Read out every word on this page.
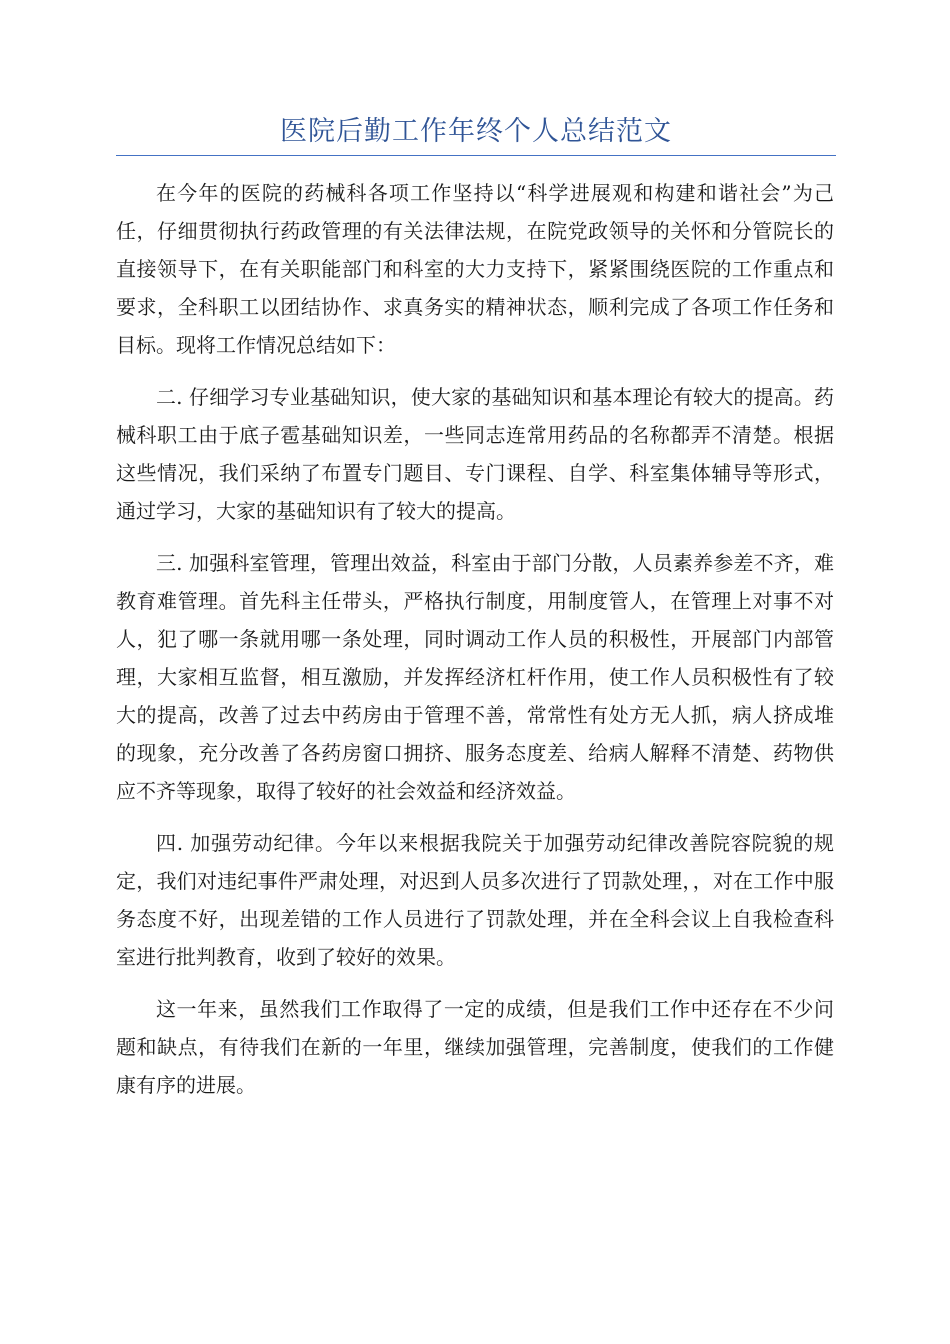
医院后勤工作年终个人总结范文

在今年的医院的药械科各项工作坚持以“科学进展观和构建和谐社会”为己任，仔细贯彻执行药政管理的有关法律法规，在院党政领导的关怀和分管院长的直接领导下，在有关职能部门和科室的大力支持下，紧紧围绕医院的工作重点和要求，全科职工以团结协作、求真务实的精神状态，顺利完成了各项工作任务和目标。现将工作情况总结如下：

二. 仔细学习专业基础知识，使大家的基础知识和基本理论有较大的提高。药械科职工由于底子雹基础知识差，一些同志连常用药品的名称都弄不清楚。根据这些情况，我们采纳了布置专门题目、专门课程、自学、科室集体辅导等形式，通过学习，大家的基础知识有了较大的提高。

三. 加强科室管理，管理出效益，科室由于部门分散，人员素养参差不齐，难教育难管理。首先科主任带头，严格执行制度，用制度管人，在管理上对事不对人，犯了哪一条就用哪一条处理，同时调动工作人员的积极性，开展部门内部管理，大家相互监督，相互激励，并发挥经济杠杆作用，使工作人员积极性有了较大的提高，改善了过去中药房由于管理不善，常常性有处方无人抓，病人挤成堆的现象，充分改善了各药房窗口拥挤、服务态度差、给病人解释不清楚、药物供应不齐等现象，取得了较好的社会效益和经济效益。

四. 加强劳动纪律。今年以来根据我院关于加强劳动纪律改善院容院貌的规定，我们对违纪事件严肃处理，对迟到人员多次进行了罚款处理，，对在工作中服务态度不好，出现差错的工作人员进行了罚款处理，并在全科会议上自我检查科室进行批判教育，收到了较好的效果。

这一年来，虽然我们工作取得了一定的成绩，但是我们工作中还存在不少问题和缺点，有待我们在新的一年里，继续加强管理，完善制度，使我们的工作健康有序的进展。
